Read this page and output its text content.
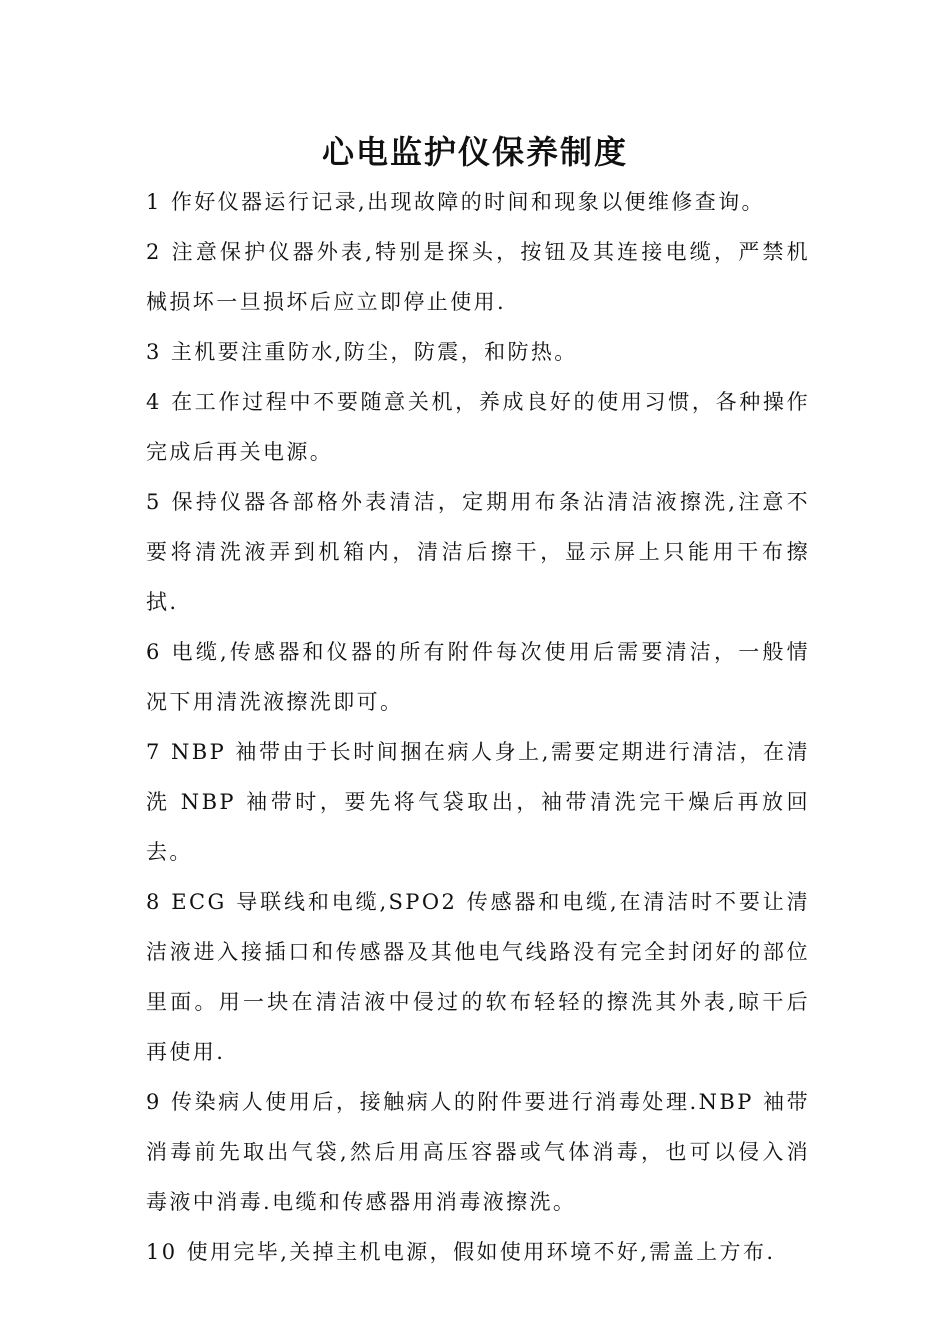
心电监护仪保养制度

1 作好仪器运行记录,出现故障的时间和现象以便维修查询。

2 注意保护仪器外表,特别是探头，按钮及其连接电缆，严禁机械损坏一旦损坏后应立即停止使用.

3 主机要注重防水,防尘，防震，和防热。

4 在工作过程中不要随意关机，养成良好的使用习惯，各种操作完成后再关电源。

5 保持仪器各部格外表清洁，定期用布条沾清洁液擦洗,注意不要将清洗液弄到机箱内，清洁后擦干，显示屏上只能用干布擦拭.

6 电缆,传感器和仪器的所有附件每次使用后需要清洁，一般情况下用清洗液擦洗即可。

7 NBP 袖带由于长时间捆在病人身上,需要定期进行清洁，在清洗 NBP 袖带时，要先将气袋取出，袖带清洗完干燥后再放回去。

8 ECG 导联线和电缆,SPO2 传感器和电缆,在清洁时不要让清洁液进入接插口和传感器及其他电气线路没有完全封闭好的部位里面。用一块在清洁液中侵过的软布轻轻的擦洗其外表,晾干后再使用.

9 传染病人使用后，接触病人的附件要进行消毒处理.NBP 袖带消毒前先取出气袋,然后用高压容器或气体消毒，也可以侵入消毒液中消毒.电缆和传感器用消毒液擦洗。

10 使用完毕,关掉主机电源，假如使用环境不好,需盖上方布.
